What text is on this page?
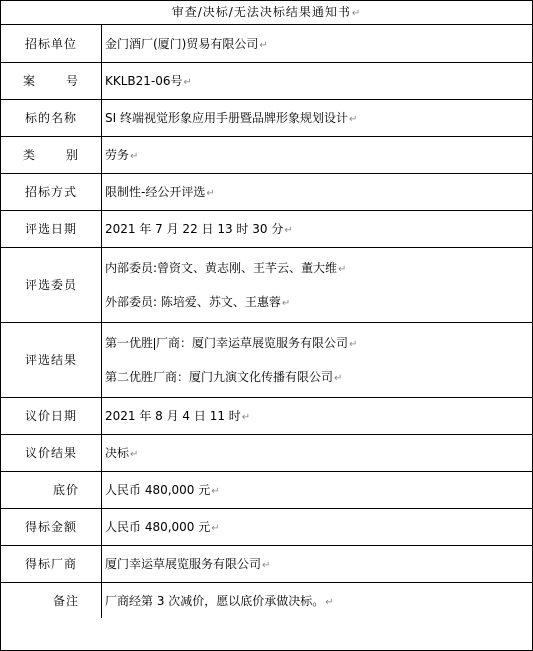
审查/决标/无法决标结果通知书↵
招标单位	金门酒厂(厦门)贸易有限公司↵

案 号	KKLB21-06号↵
标的名称	SI 终端视觉形象应用手册暨品牌形象规划设计↵

类 别	劳务↵
招标方式	限制性-经公开评选↵
评选日期	2021 年 7 月 22 日 13 时 30 分↵
评选委员	内部委员:曾资文、黄志刚、王芊云、董大维↵
外部委员: 陈培爱、苏文、王惠蓉↵

评选结果	第一优胜 厂商：厦门幸运草展览服务有限公司↵
第二优胜厂商：厦门九演文化传播有限公司↵

议价日期	2021 年 8 月 4 日 11 时↵
议价结果	决标↵
底价	人民币 480,000 元↵
得标金额	人民币 480,000 元↵
得标厂商	厦门幸运草展览服务有限公司↵
备注	厂商经第 3 次减价，愿以底价承做决标。↵
